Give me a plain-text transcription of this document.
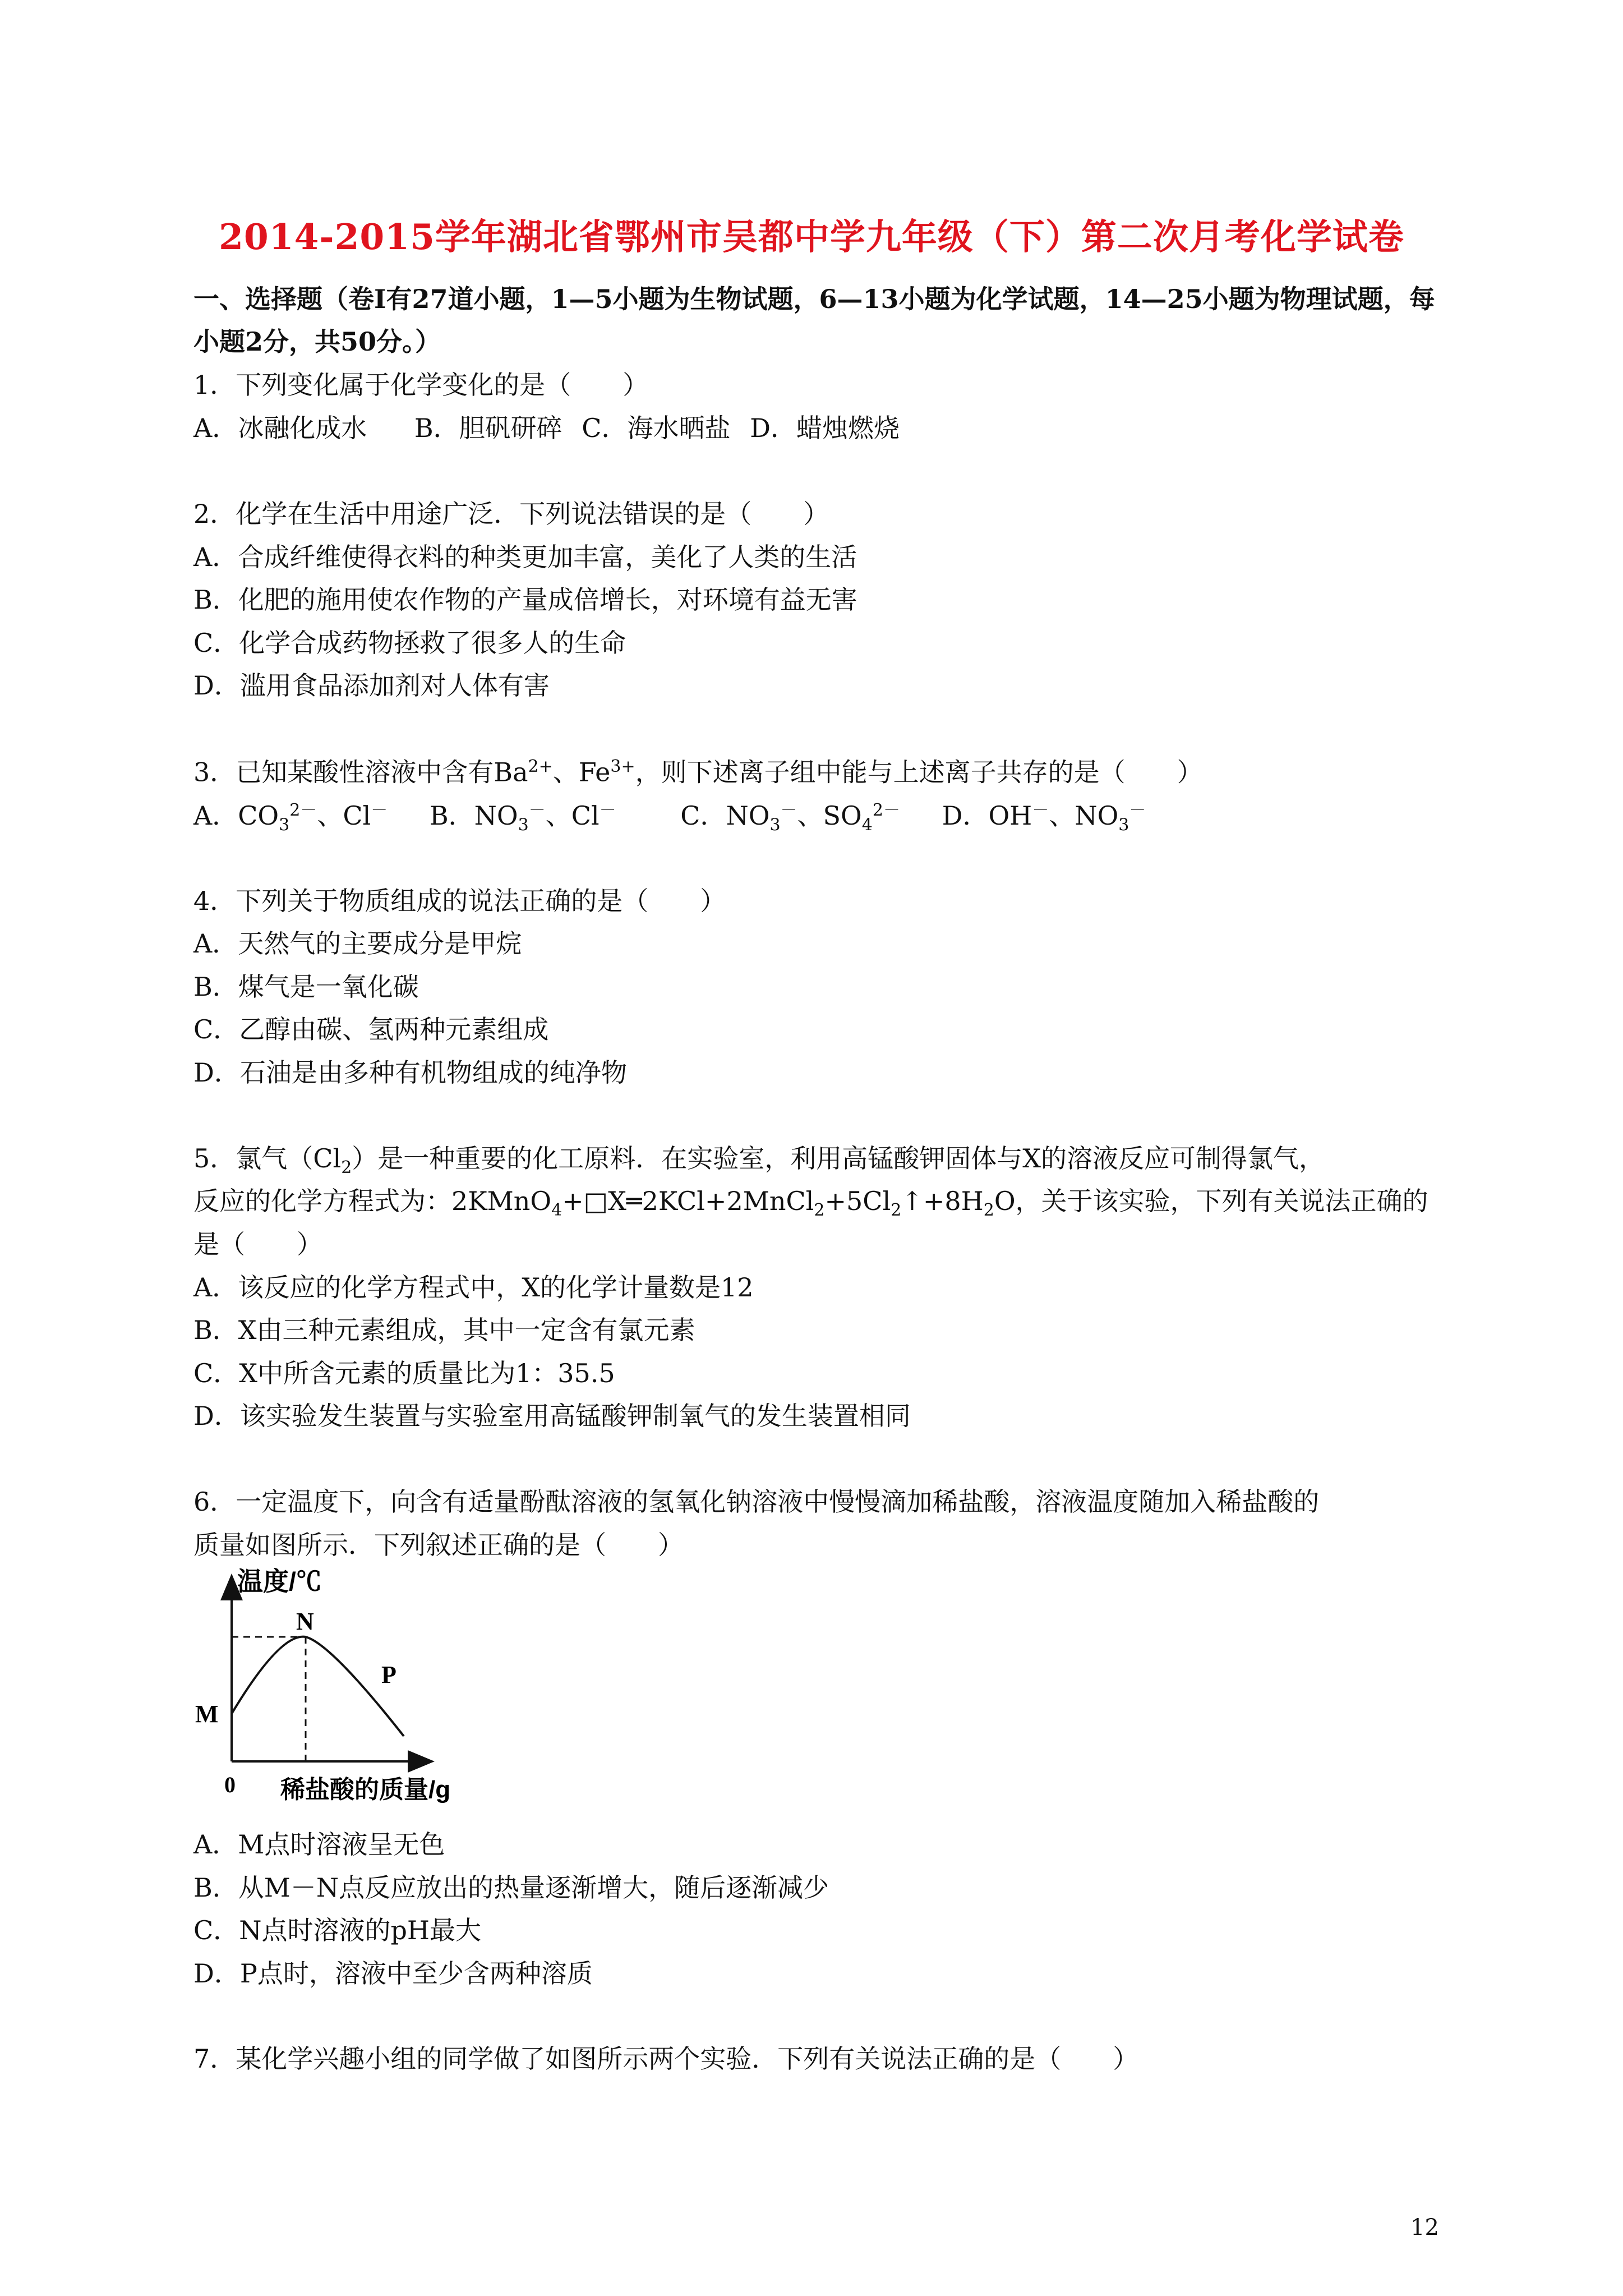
2014-2015学年湖北省鄂州市吴都中学九年级（下）第二次月考化学试卷
一、选择题（卷Ⅰ有27道小题，1—5小题为生物试题，6—13小题为化学试题，14—25小题为物理试题，每小题2分，共50分。）
1．下列变化属于化学变化的是（　　）
A．冰融化成水 B．胆矾研碎 C．海水晒盐 D．蜡烛燃烧
2．化学在生活中用途广泛．下列说法错误的是（　　）
A．合成纤维使得衣料的种类更加丰富，美化了人类的生活
B．化肥的施用使农作物的产量成倍增长，对环境有益无害
C．化学合成药物拯救了很多人的生命
D．滥用食品添加剂对人体有害
3．已知某酸性溶液中含有$Ba^{2+}$、$Fe^{3+}$，则下述离子组中能与上述离子共存的是（　　）
A．$CO_3^{2-}$、Cl－ B．$NO_3^-$、Cl－ C．$NO_3^-$、$SO_4^{2-}$ D．OH－、$NO_3^-$
4．下列关于物质组成的说法正确的是（　　）
A．天然气的主要成分是甲烷
B．煤气是一氧化碳
C．乙醇由碳、氢两种元素组成
D．石油是由多种有机物组成的纯净物
5．氯气$(Cl_2)$是一种重要的化工原料．在实验室，利用高锰酸钾固体与X的溶液反应可制得氯气，
反应的化学方程式为：$2KMnO_4+□X═2KCl+2MnCl_2+5Cl_2↑+8H_2O$，关于该实验，下列有关说法正确的
是（　　）
A．该反应的化学方程式中，X的化学计量数是12
B．X由三种元素组成，其中一定含有氯元素
C．X中所含元素的质量比为1：35.5
D．该实验发生装置与实验室用高锰酸钾制氧气的发生装置相同
6．一定温度下，向含有适量酚酞溶液的氢氧化钠溶液中慢慢滴加稀盐酸，溶液温度随加入稀盐酸的
质量如图所示．下列叙述正确的是（　　）
温度/℃
N
P
M
0 稀盐酸的质量/g
A．M点时溶液呈无色
B．从M－N点反应放出的热量逐渐增大，随后逐渐减少
C．N点时溶液的pH最大
D．P点时，溶液中至少含两种溶质
7．某化学兴趣小组的同学做了如图所示两个实验．下列有关说法正确的是（　　）
12
